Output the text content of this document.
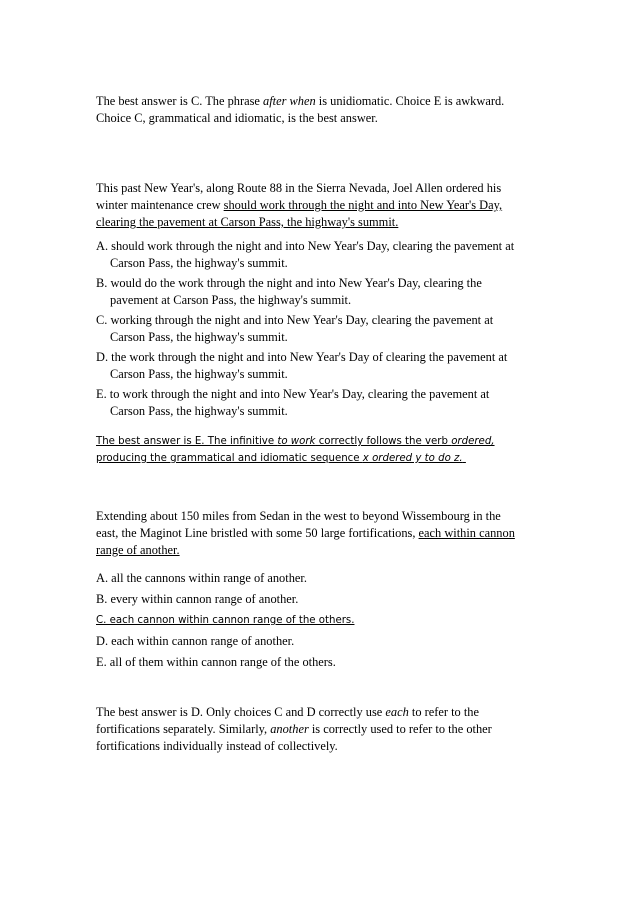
The best answer is C. The phrase after when is unidiomatic. Choice E is awkward.

Choice C, grammatical and idiomatic, is the best answer.

This past New Year's, along Route 88 in the Sierra Nevada, Joel Allen ordered his

winter maintenance crew should work through the night and into New Year's Day,

clearing the pavement at Carson Pass, the highway's summit.

A. should work through the night and into New Year's Day, clearing the pavement at
Carson Pass, the highway's summit.

B. would do the work through the night and into New Year's Day, clearing the
pavement at Carson Pass, the highway's summit.

C. working through the night and into New Year's Day, clearing the pavement at
Carson Pass, the highway's summit.

D. the work through the night and into New Year's Day of clearing the pavement at
Carson Pass, the highway's summit.

E. to work through the night and into New Year's Day, clearing the pavement at
Carson Pass, the highway's summit.

The best answer is E. The infinitive to work correctly follows the verb ordered,

producing the grammatical and idiomatic sequence x ordered y to do z.

Extending about 150 miles from Sedan in the west to beyond Wissembourg in the

east, the Maginot Line bristled with some 50 large fortifications, each within cannon

range of another.

A. all the cannons within range of another.

B. every within cannon range of another.

C. each cannon within cannon range of the others.

D. each within cannon range of another.

E. all of them within cannon range of the others.

The best answer is D. Only choices C and D correctly use each to refer to the

fortifications separately. Similarly, another is correctly used to refer to the other

fortifications individually instead of collectively.
